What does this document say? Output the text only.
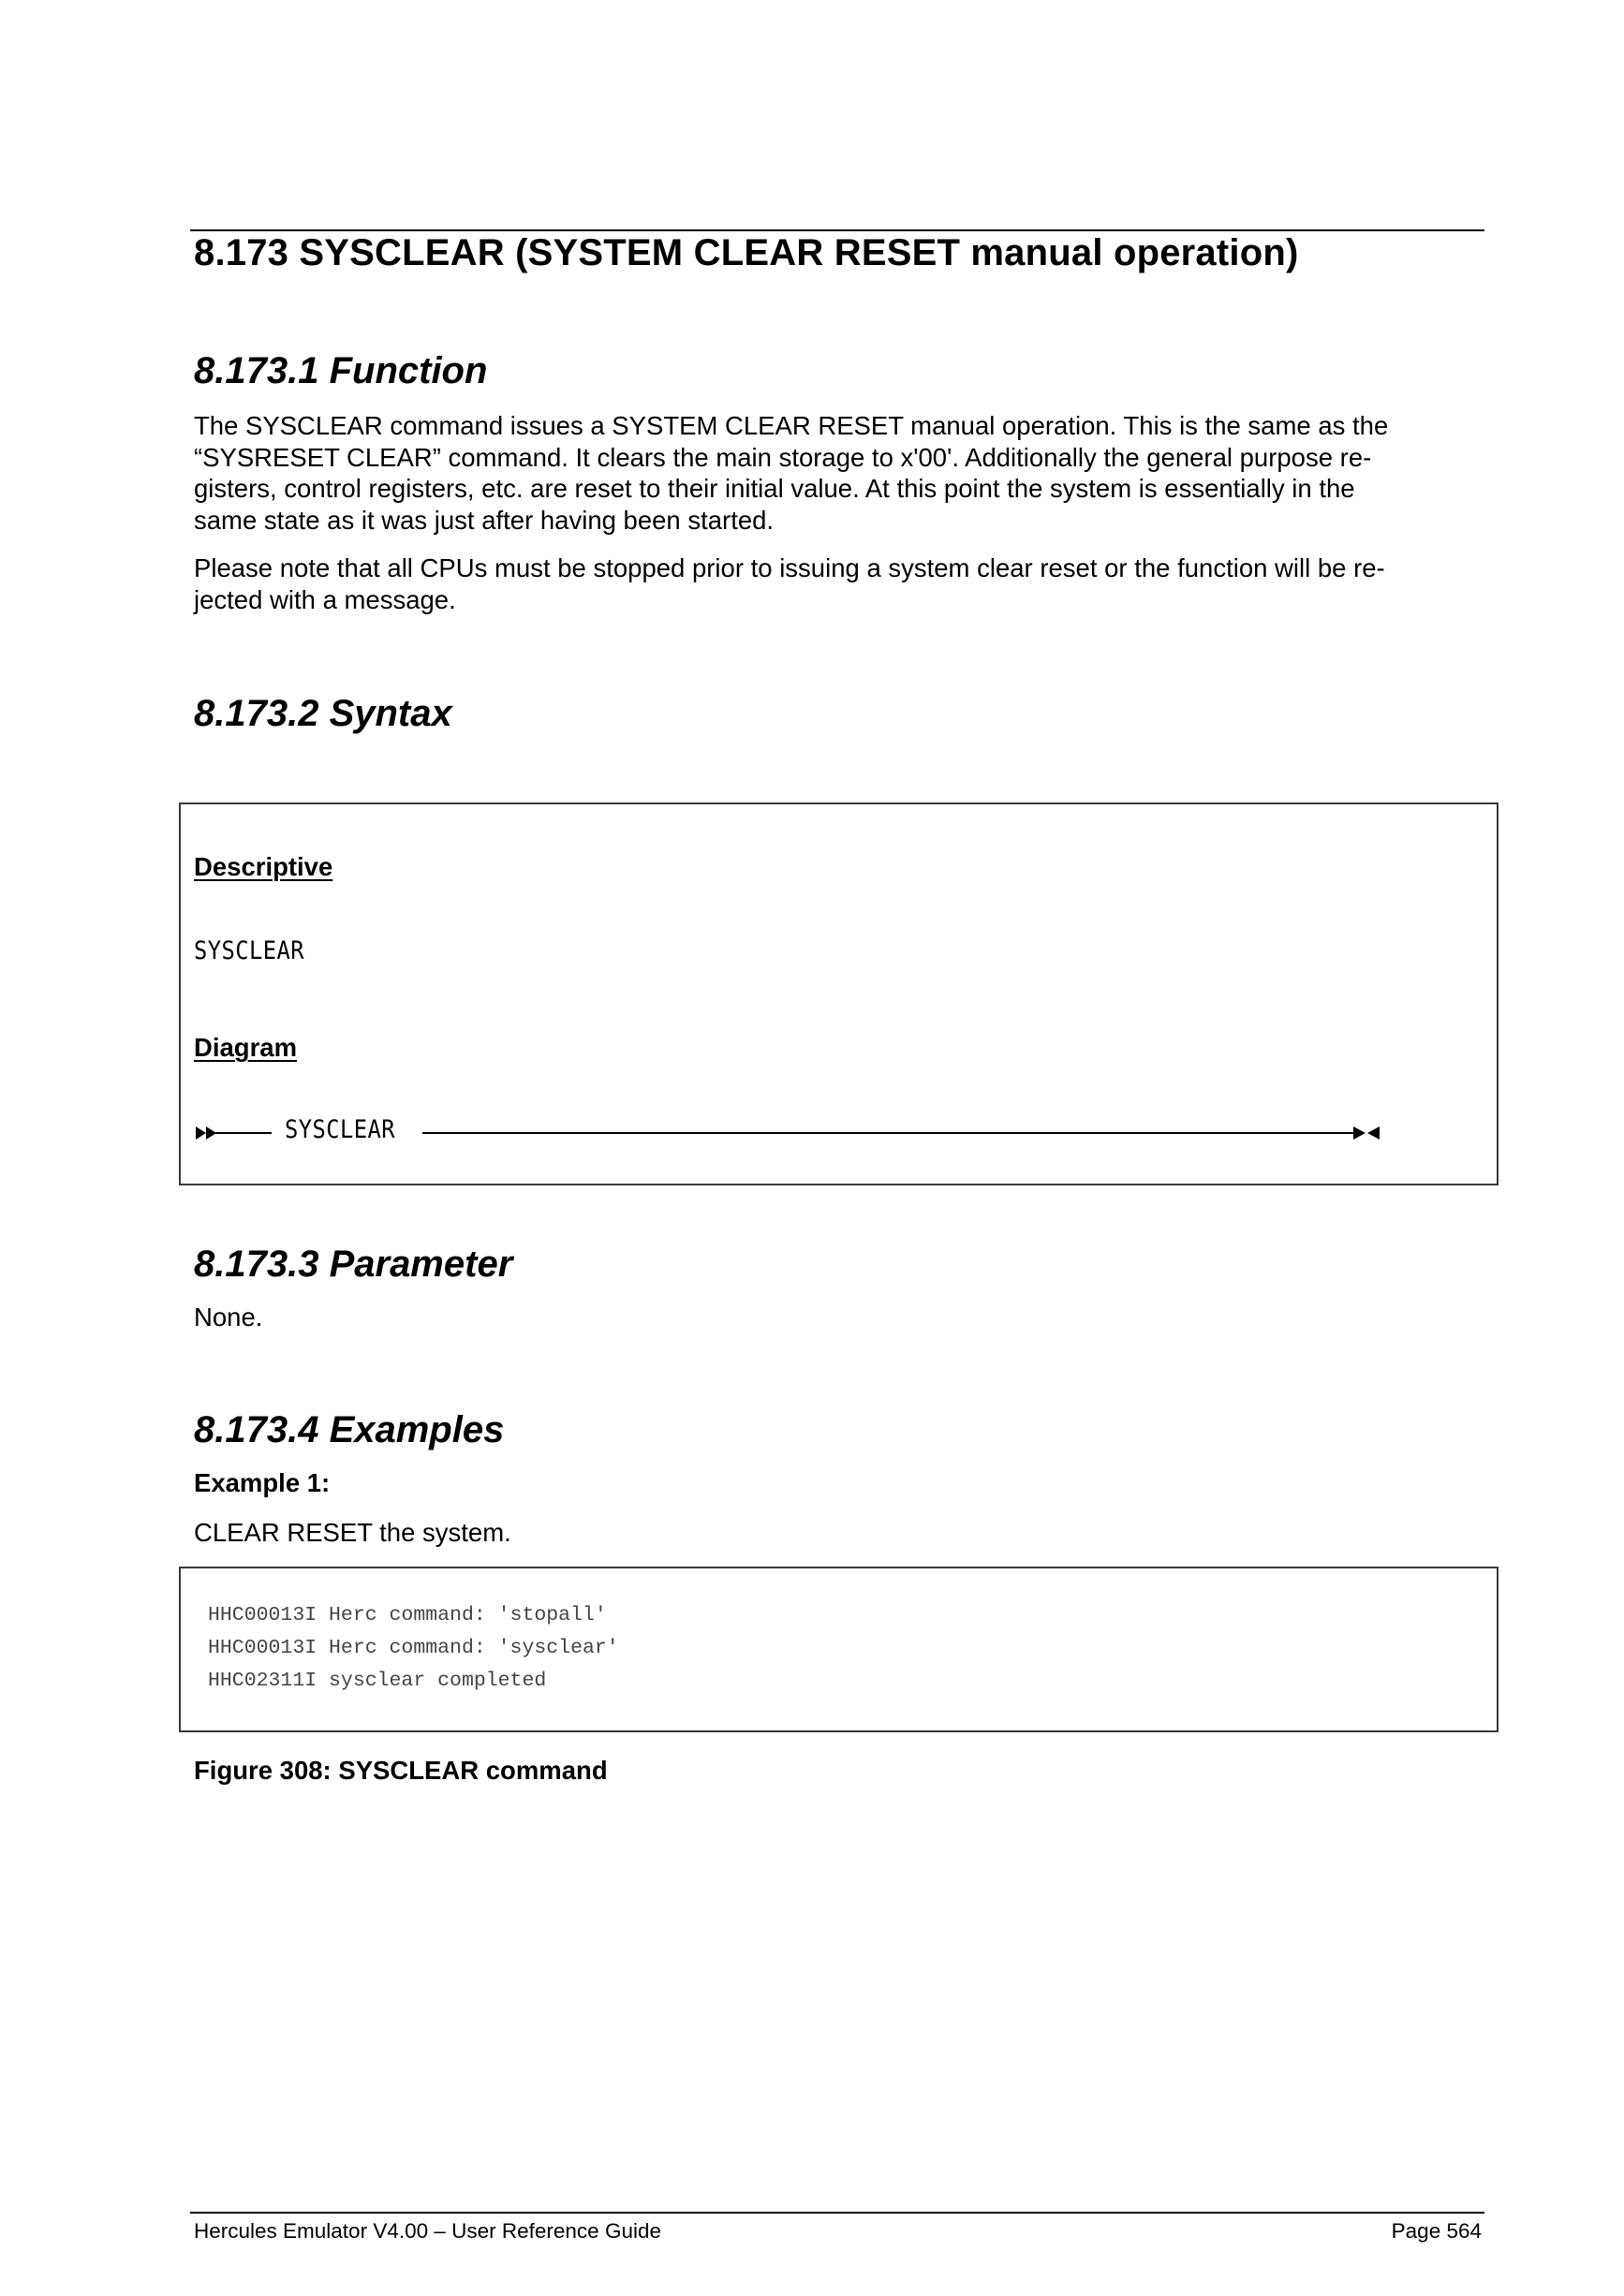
8.173 SYSCLEAR (SYSTEM CLEAR RESET manual operation)
8.173.1 Function
The SYSCLEAR command issues a SYSTEM CLEAR RESET manual operation. This is the same as the
“SYSRESET CLEAR” command. It clears the main storage to x'00'. Additionally the general purpose re-
gisters, control registers, etc. are reset to their initial value. At this point the system is essentially in the
same state as it was just after having been started.
Please note that all CPUs must be stopped prior to issuing a system clear reset or the function will be re-
jected with a message.
8.173.2 Syntax
Descriptive
SYSCLEAR
Diagram
SYSCLEAR
8.173.3 Parameter
None.
8.173.4 Examples
Example 1:
CLEAR RESET the system.
HHC00013I Herc command: 'stopall'
HHC00013I Herc command: 'sysclear'
HHC02311I sysclear completed
Figure 308: SYSCLEAR command
Hercules Emulator V4.00 – User Reference Guide	Page 564
